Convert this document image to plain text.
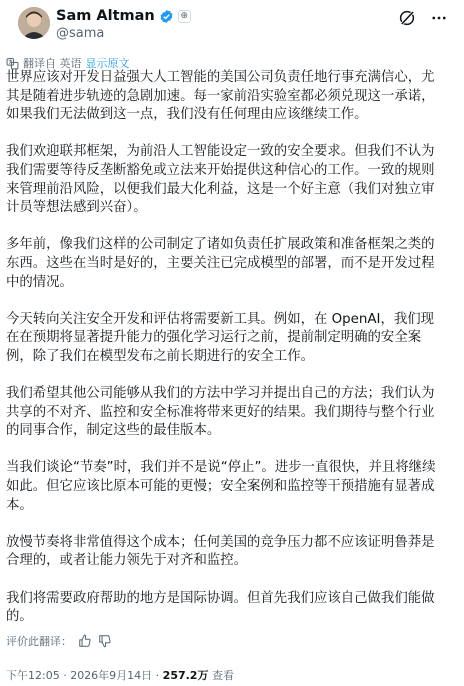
Sam Altman	⊕
@sama
翻译自 英语 显示原文

世界应该对开发日益强大人工智能的美国公司负责任地行事充满信心，尤其是随着进步轨迹的急剧加速。每一家前沿实验室都必须兑现这一承诺，如果我们无法做到这一点，我们没有任何理由应该继续工作。

我们欢迎联邦框架，为前沿人工智能设定一致的安全要求。但我们不认为我们需要等待反垄断豁免或立法来开始提供这种信心的工作。一致的规则来管理前沿风险，以便我们最大化利益，这是一个好主意（我们对独立审计员等想法感到兴奋）。

多年前，像我们这样的公司制定了诸如负责任扩展政策和准备框架之类的东西。这些在当时是好的，主要关注已完成模型的部署，而不是开发过程中的情况。

今天转向关注安全开发和评估将需要新工具。例如，在 OpenAI，我们现在在预期将显著提升能力的强化学习运行之前，提前制定明确的安全案例，除了我们在模型发布之前长期进行的安全工作。

我们希望其他公司能够从我们的方法中学习并提出自己的方法；我们认为共享的不对齐、监控和安全标准将带来更好的结果。我们期待与整个行业的同事合作，制定这些的最佳版本。

当我们谈论“节奏”时，我们并不是说“停止”。进步一直很快，并且将继续如此。但它应该比原本可能的更慢；安全案例和监控等干预措施有显著成本。

放慢节奏将非常值得这个成本；任何美国的竞争压力都不应该证明鲁莽是合理的，或者让能力领先于对齐和监控。

我们将需要政府帮助的地方是国际协调。但首先我们应该自己做我们能做的。

评价此翻译：
下午12:05 · 2026年9月14日 · 257.2万 查看
